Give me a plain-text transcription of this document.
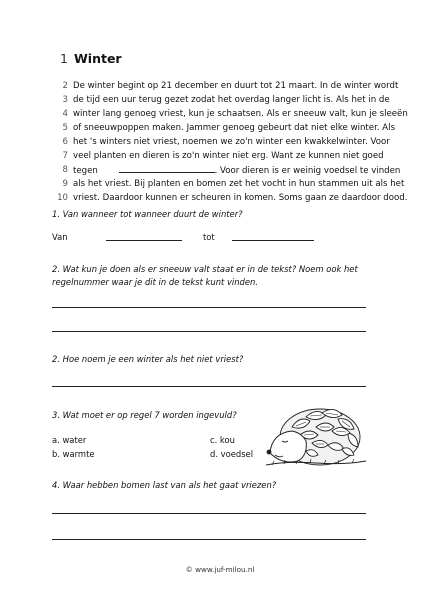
1 Winter
2 De winter begint op 21 december en duurt tot 21 maart. In de winter wordt
3 de tijd een uur terug gezet zodat het overdag langer licht is. Als het in de
4 winter lang genoeg vriest, kun je schaatsen. Als er sneeuw valt, kun je sleeën
5 of sneeuwpoppen maken. Jammer genoeg gebeurt dat niet elke winter. Als
6 het 's winters niet vriest, noemen we zo'n winter een kwakkelwinter. Voor
7 veel planten en dieren is zo'n winter niet erg. Want ze kunnen niet goed
8 tegen	. Voor dieren is er weinig voedsel te vinden
9 als het vriest. Bij planten en bomen zet het vocht in hun stammen uit als het
10 vriest. Daardoor kunnen er scheuren in komen. Soms gaan ze daardoor dood.
1. Van wanneer tot wanneer duurt de winter?
Van	tot
2. Wat kun je doen als er sneeuw valt staat er in de tekst? Noem ook het
regelnummer waar je dit in de tekst kunt vinden.
2. Hoe noem je een winter als het niet vriest?
3. Wat moet er op regel 7 worden ingevuld?
a. water	c. kou
b. warmte	d. voedsel
4. Waar hebben bomen last van als het gaat vriezen?
© www.juf-milou.nl
